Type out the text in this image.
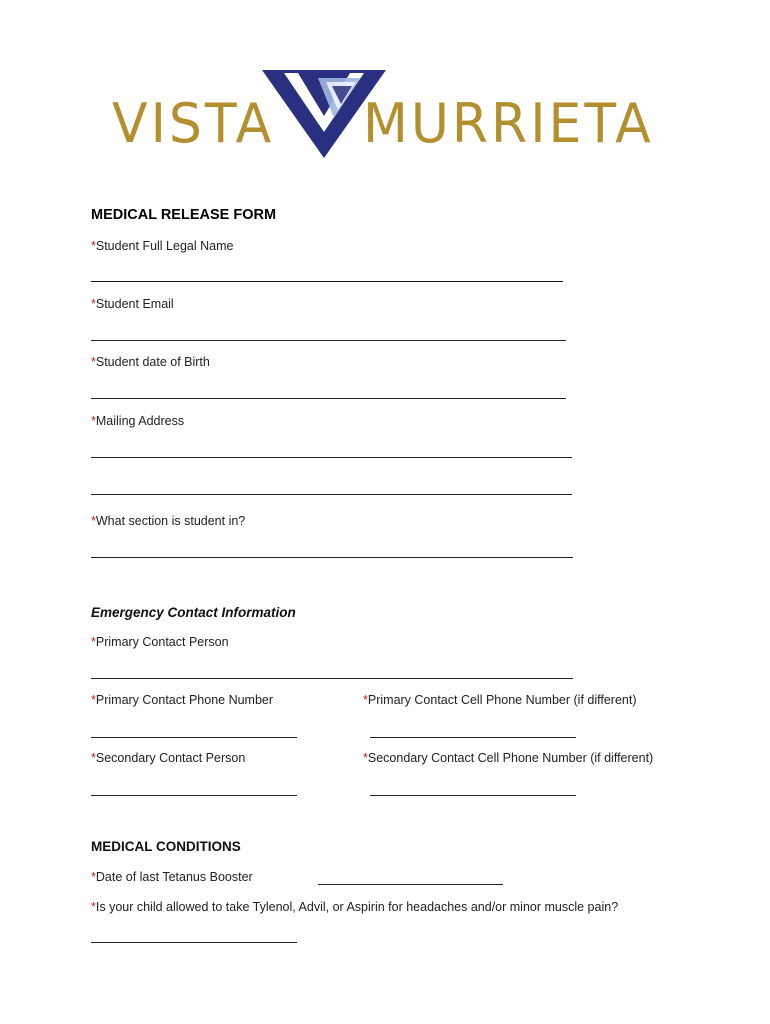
VISTA MURRIETA
MEDICAL RELEASE FORM
*Student Full Legal Name
*Student Email
*Student date of Birth
*Mailing Address
*What section is student in?
Emergency Contact Information
*Primary Contact Person
*Primary Contact Phone Number	*Primary Contact Cell Phone Number (if different)
*Secondary Contact Person	*Secondary Contact Cell Phone Number (if different)
MEDICAL CONDITIONS
*Date of last Tetanus Booster
*Is your child allowed to take Tylenol, Advil, or Aspirin for headaches and/or minor muscle pain?
